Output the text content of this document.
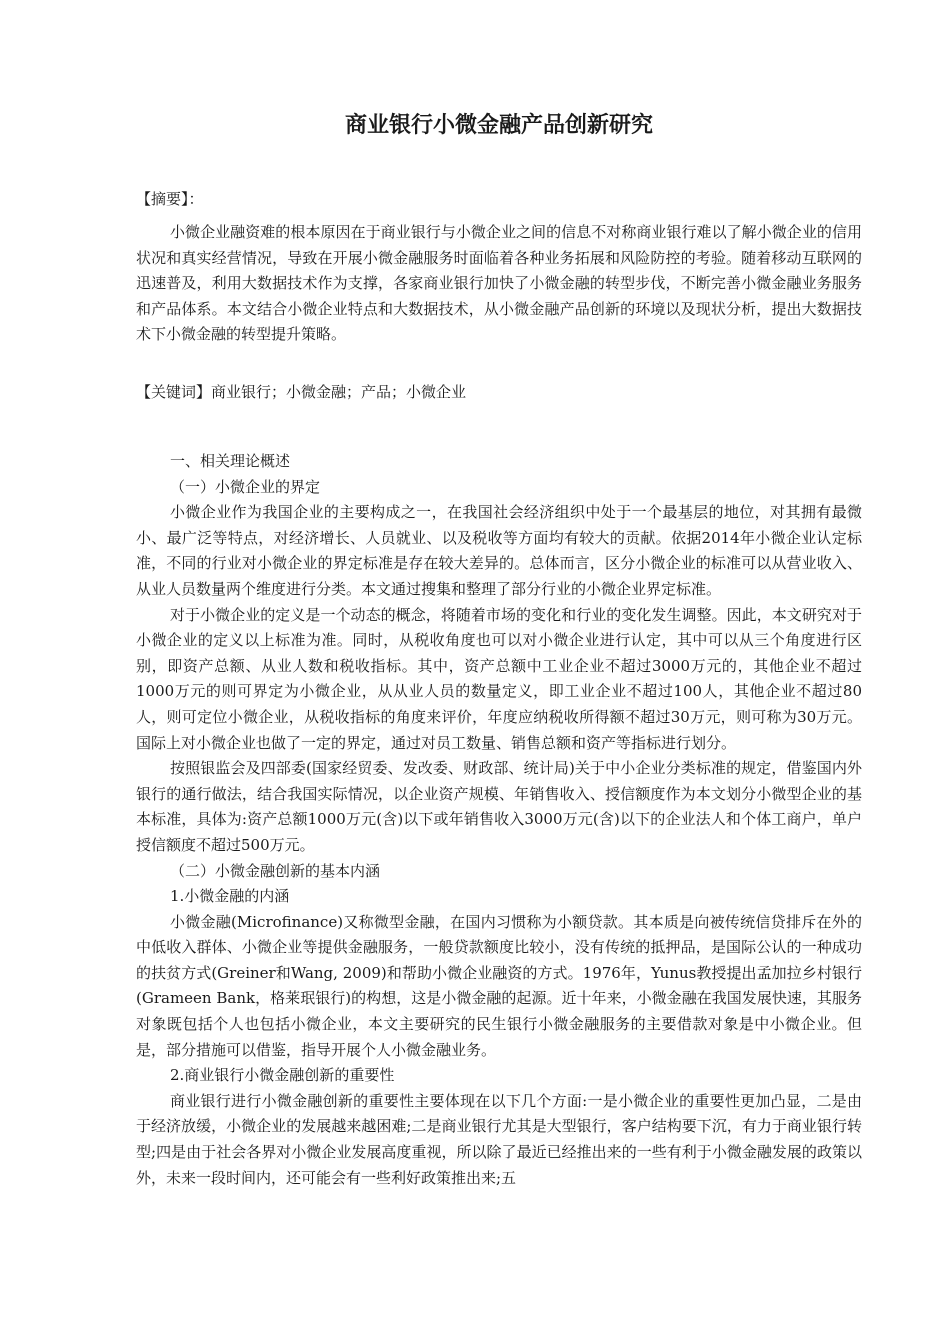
商业银行小微金融产品创新研究
【摘要】：

小微企业融资难的根本原因在于商业银行与小微企业之间的信息不对称商业银行难以了解小微企业的信用状况和真实经营情况，导致在开展小微金融服务时面临着各种业务拓展和风险防控的考验。随着移动互联网的迅速普及，利用大数据技术作为支撑，各家商业银行加快了小微金融的转型步伐，不断完善小微金融业务服务和产品体系。本文结合小微企业特点和大数据技术，从小微金融产品创新的环境以及现状分析，提出大数据技术下小微金融的转型提升策略。

【关键词】商业银行；小微金融；产品；小微企业

一、相关理论概述

（一）小微企业的界定

小微企业作为我国企业的主要构成之一，在我国社会经济组织中处于一个最基层的地位，对其拥有最微小、最广泛等特点，对经济增长、人员就业、以及税收等方面均有较大的贡献。依据2014年小微企业认定标准，不同的行业对小微企业的界定标准是存在较大差异的。总体而言，区分小微企业的标准可以从营业收入、从业人员数量两个维度进行分类。本文通过搜集和整理了部分行业的小微企业界定标准。

对于小微企业的定义是一个动态的概念，将随着市场的变化和行业的变化发生调整。因此，本文研究对于小微企业的定义以上标准为准。同时，从税收角度也可以对小微企业进行认定，其中可以从三个角度进行区别，即资产总额、从业人数和税收指标。其中，资产总额中工业企业不超过3000万元的，其他企业不超过1000万元的则可界定为小微企业，从从业人员的数量定义，即工业企业不超过100人，其他企业不超过80人，则可定位小微企业，从税收指标的角度来评价，年度应纳税收所得额不超过30万元，则可称为30万元。国际上对小微企业也做了一定的界定，通过对员工数量、销售总额和资产等指标进行划分。

按照银监会及四部委(国家经贸委、发改委、财政部、统计局)关于中小企业分类标准的规定，借鉴国内外银行的通行做法，结合我国实际情况，以企业资产规模、年销售收入、授信额度作为本文划分小微型企业的基本标准，具体为:资产总额1000万元(含)以下或年销售收入3000万元(含)以下的企业法人和个体工商户，单户授信额度不超过500万元。

（二）小微金融创新的基本内涵

1.小微金融的内涵

小微金融(Microfinance)又称微型金融，在国内习惯称为小额贷款。其本质是向被传统信贷排斥在外的中低收入群体、小微企业等提供金融服务，一般贷款额度比较小，没有传统的抵押品，是国际公认的一种成功的扶贫方式(Greiner和Wang, 2009)和帮助小微企业融资的方式。1976年，Yunus教授提出孟加拉乡村银行(Grameen Bank，格莱珉银行)的构想，这是小微金融的起源。近十年来，小微金融在我国发展快速，其服务对象既包括个人也包括小微企业，本文主要研究的民生银行小微金融服务的主要借款对象是中小微企业。但是，部分措施可以借鉴，指导开展个人小微金融业务。

2.商业银行小微金融创新的重要性

商业银行进行小微金融创新的重要性主要体现在以下几个方面:一是小微企业的重要性更加凸显，二是由于经济放缓，小微企业的发展越来越困难;二是商业银行尤其是大型银行，客户结构要下沉，有力于商业银行转型;四是由于社会各界对小微企业发展高度重视，所以除了最近已经推出来的一些有利于小微金融发展的政策以外，未来一段时间内，还可能会有一些利好政策推出来;五
